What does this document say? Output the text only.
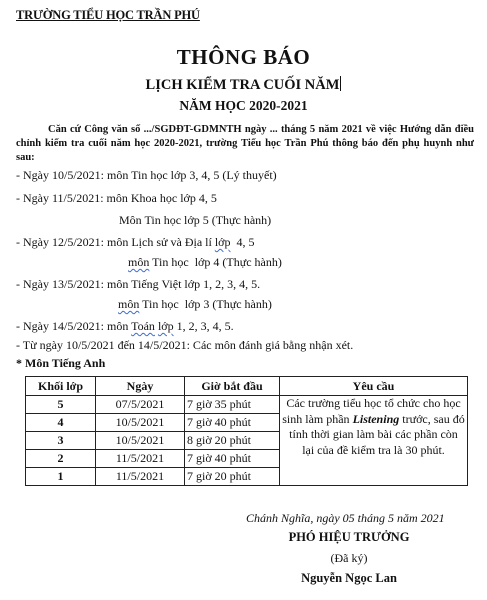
TRƯỜNG TIỂU HỌC TRẦN PHÚ
THÔNG BÁO
LỊCH KIỂM TRA CUỐI NĂM
NĂM HỌC 2020-2021
Căn cứ Công văn số .../SGDĐT-GDMNTH ngày ... tháng 5 năm 2021 về việc Hướng dẫn điều chỉnh kiểm tra cuối năm học 2020-2021, trường Tiểu học Trần Phú thông báo đến phụ huynh như sau:
- Ngày 10/5/2021: môn Tin học lớp 3, 4, 5 (Lý thuyết)
- Ngày 11/5/2021: môn Khoa học lớp 4, 5
Môn Tin học lớp 5 (Thực hành)
- Ngày 12/5/2021: môn Lịch sử và Địa lí lớp  4, 5
môn Tin học  lớp 4 (Thực hành)
- Ngày 13/5/2021: môn Tiếng Việt lớp 1, 2, 3, 4, 5.
môn Tin học  lớp 3 (Thực hành)
- Ngày 14/5/2021: môn Toán lớp 1, 2, 3, 4, 5.
- Từ ngày 10/5/2021 đến 14/5/2021: Các môn đánh giá bằng nhận xét.
* Môn Tiếng Anh
Khối lớp	Ngày	Giờ bắt đầu	Yêu cầu
5	07/5/2021	7 giờ 35 phút	Các trường tiểu học tổ chức cho học sinh làm phần Listening trước, sau đó tính thời gian làm bài các phần còn lại của đề kiểm tra là 30 phút.
4	10/5/2021	7 giờ 40 phút	
3	10/5/2021	8 giờ 20 phút	
2	11/5/2021	7 giờ 40 phút	
1	11/5/2021	7 giờ 20 phút	
Chánh Nghĩa, ngày 05 tháng 5 năm 2021
PHÓ HIỆU TRƯỞNG
(Đã ký)
Nguyễn Ngọc Lan
